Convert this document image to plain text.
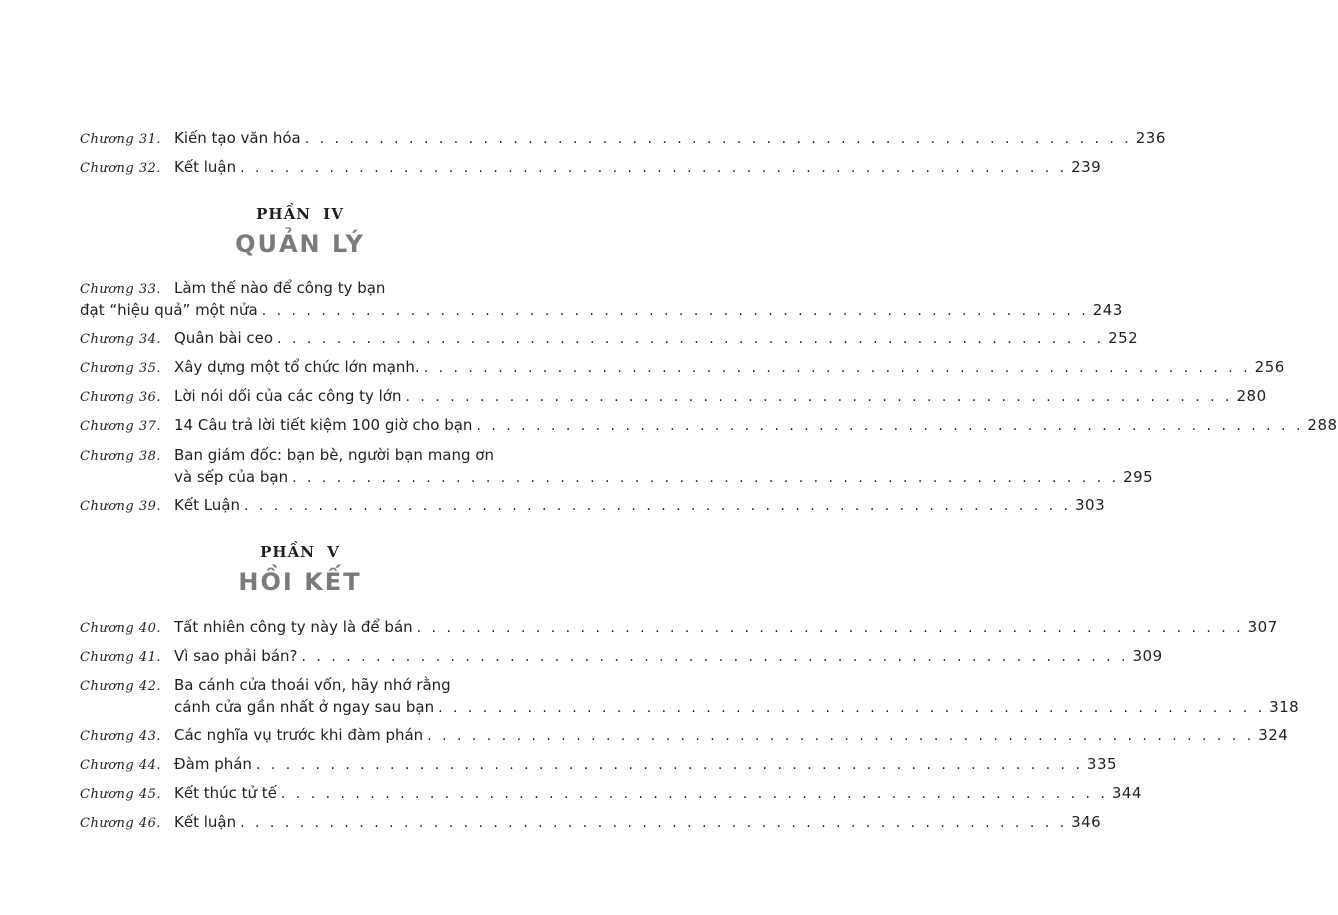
Chương 31. Kiến tạo văn hóa . . .	236
Chương 32. Kết luận . . .	239
PHẦN IV
QUẢN LÝ
Chương 33. Làm thế nào để công ty bạn
đạt “hiệu quả” một nửa . . .	243
Chương 34. Quân bài ceo . . .	252
Chương 35. Xây dựng một tổ chức lớn mạnh. . . .	256
Chương 36. Lời nói dối của các công ty lớn . . .	280
Chương 37. 14 Câu trả lời tiết kiệm 100 giờ cho bạn . . .	288
Chương 38. Ban giám đốc: bạn bè, người bạn mang ơn
và sếp của bạn . . .	295
Chương 39. Kết Luận . . .	303
PHẦN V
HỒI KẾT
Chương 40. Tất nhiên công ty này là để bán . . .	307
Chương 41. Vì sao phải bán? . . .	309
Chương 42. Ba cánh cửa thoái vốn, hãy nhớ rằng
cánh cửa gần nhất ở ngay sau bạn . . .	318
Chương 43. Các nghĩa vụ trước khi đàm phán . . .	324
Chương 44. Đàm phán . . .	335
Chương 45. Kết thúc tử tế . . .	344
Chương 46. Kết luận . . .	346
